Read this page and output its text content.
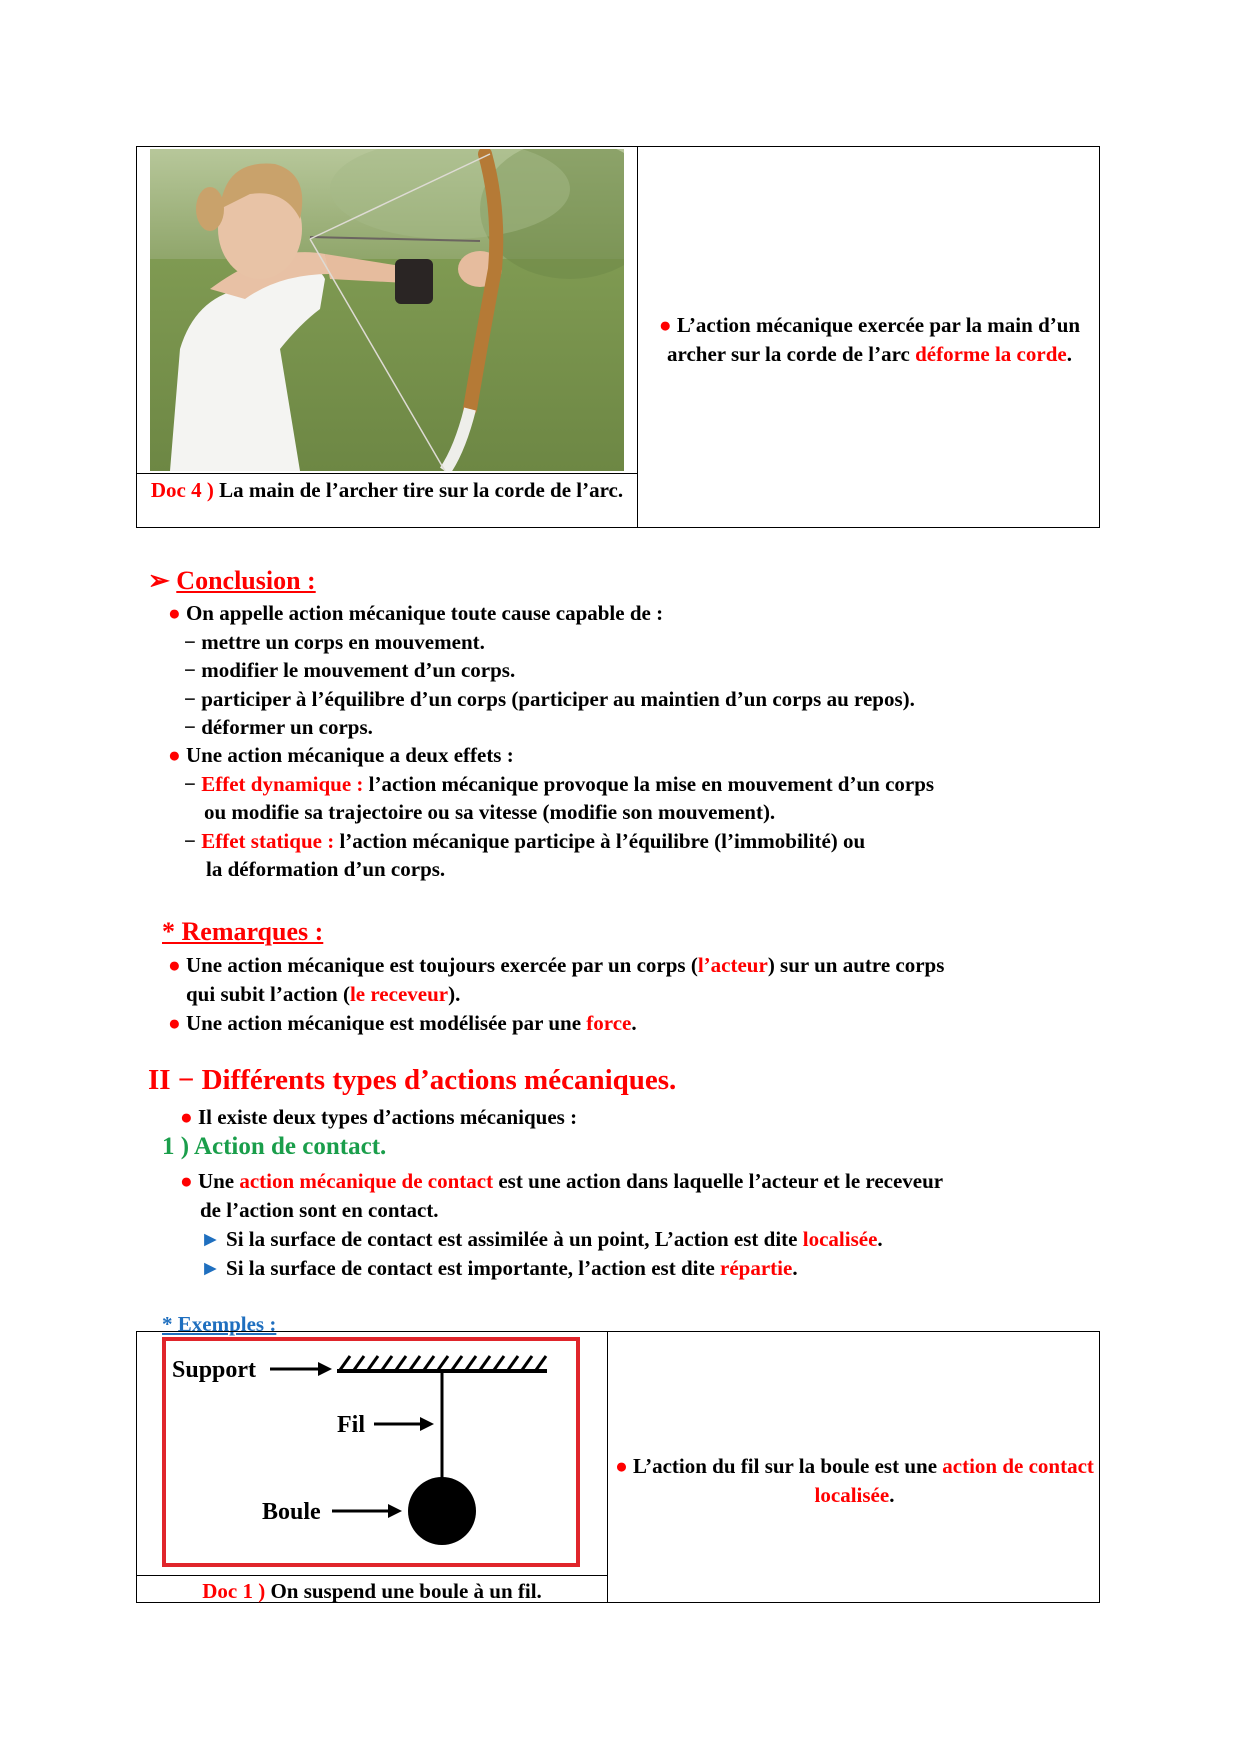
Doc 4 ) La main de l’archer tire sur la corde de l’arc.
● L’action mécanique exercée par la main d’un archer sur la corde de l’arc déforme la corde.
➢ Conclusion :
● On appelle action mécanique toute cause capable de :
− mettre un corps en mouvement.
− modifier le mouvement d’un corps.
− participer à l’équilibre d’un corps (participer au maintien d’un corps au repos).
− déformer un corps.
● Une action mécanique a deux effets :
− Effet dynamique : l’action mécanique provoque la mise en mouvement d’un corps
ou modifie sa trajectoire ou sa vitesse (modifie son mouvement).
− Effet statique : l’action mécanique participe à l’équilibre (l’immobilité) ou
la déformation d’un corps.
* Remarques :
● Une action mécanique est toujours exercée par un corps (l’acteur) sur un autre corps
qui subit l’action (le receveur).
● Une action mécanique est modélisée par une force.
II − Différents types d’actions mécaniques.
● Il existe deux types d’actions mécaniques :
1 ) Action de contact.
● Une action mécanique de contact est une action dans laquelle l’acteur et le receveur
de l’action sont en contact.
► Si la surface de contact est assimilée à un point, L’action est dite localisée.
► Si la surface de contact est importante, l’action est dite répartie.
* Exemples :
Support
Fil
Boule
Doc 1 ) On suspend une boule à un fil.
● L’action du fil sur la boule est une action de contact localisée.
